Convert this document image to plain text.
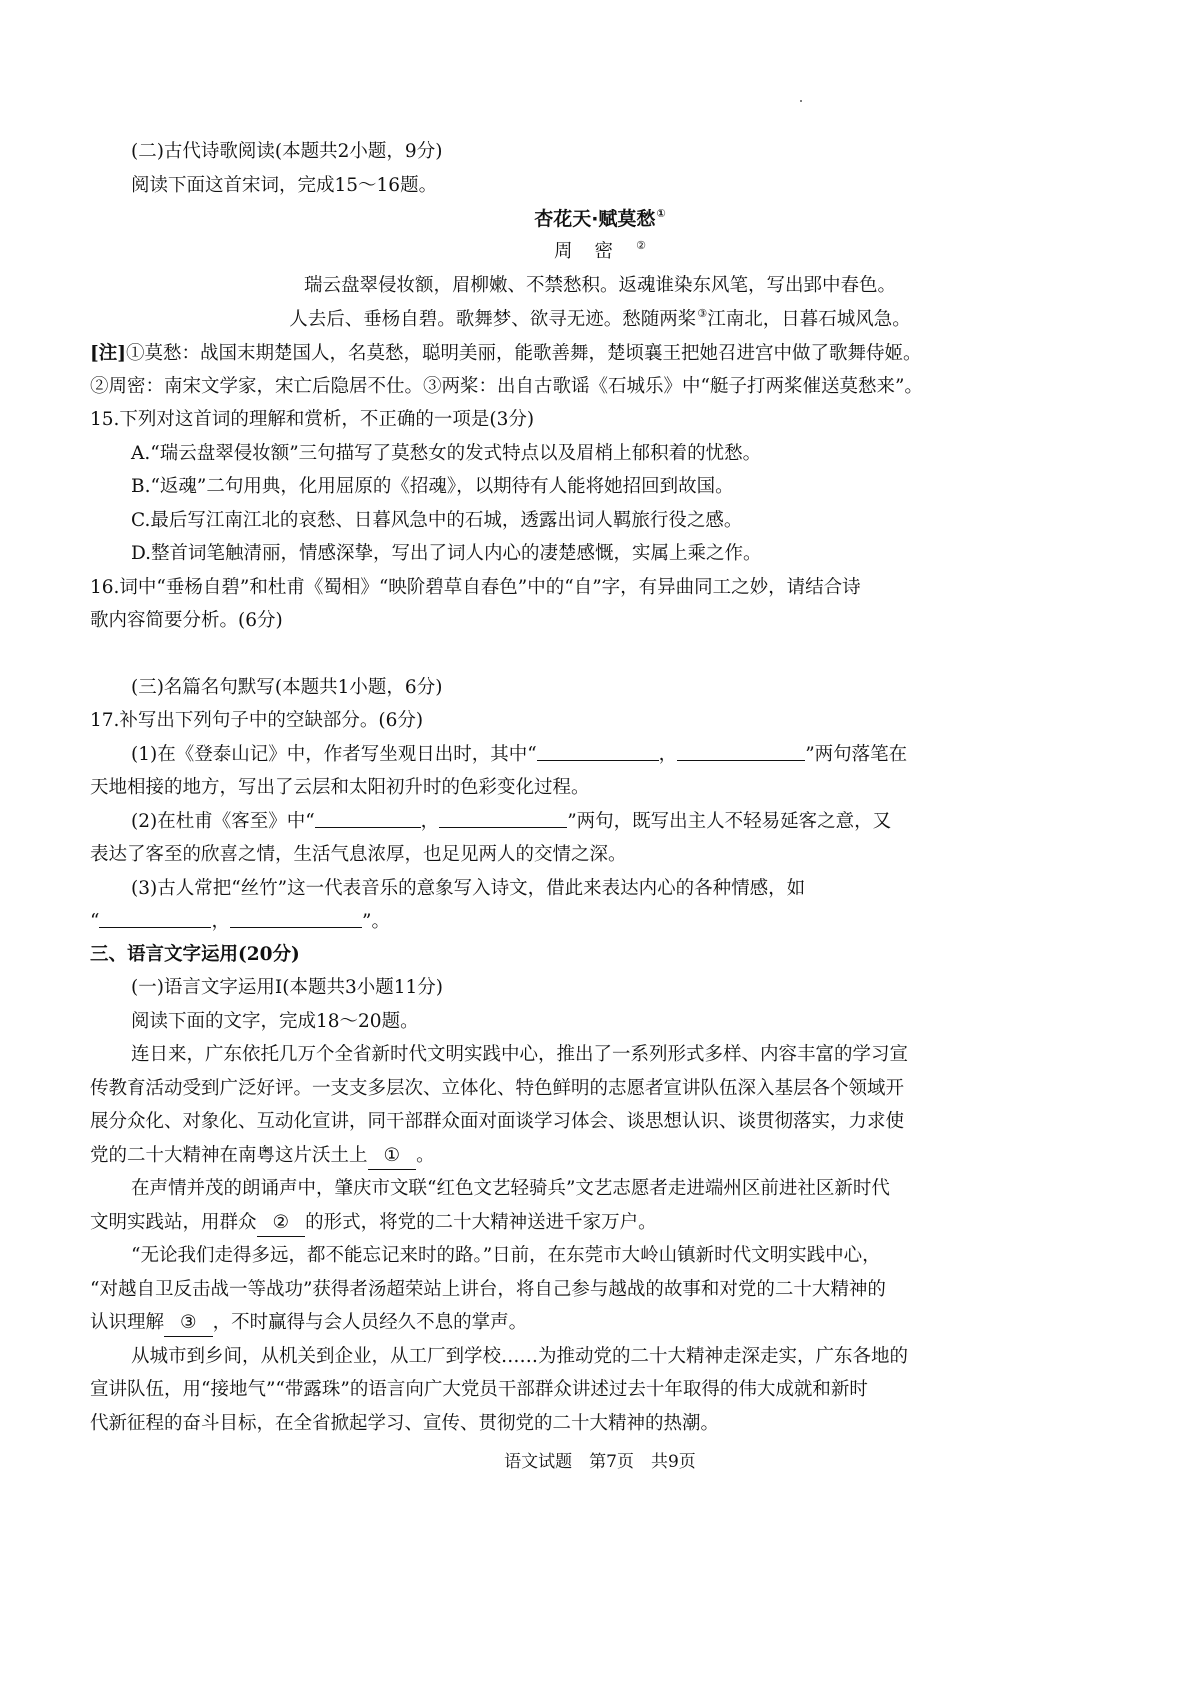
(二)古代诗歌阅读(本题共2小题，9分)
阅读下面这首宋词，完成15～16题。
杏花天·赋莫愁①
周密②
瑞云盘翠侵妆额，眉柳嫩、不禁愁积。返魂谁染东风笔，写出郢中春色。
人去后、垂杨自碧。歌舞梦、欲寻无迹。愁随两桨③江南北，日暮石城风急。
[注]①莫愁：战国末期楚国人，名莫愁，聪明美丽，能歌善舞，楚顷襄王把她召进宫中做了歌舞侍姬。
②周密：南宋文学家，宋亡后隐居不仕。③两桨：出自古歌谣《石城乐》中“艇子打两桨催送莫愁来”。
15.下列对这首词的理解和赏析，不正确的一项是(3分)
A.“瑞云盘翠侵妆额”三句描写了莫愁女的发式特点以及眉梢上郁积着的忧愁。
B.“返魂”二句用典，化用屈原的《招魂》，以期待有人能将她招回到故国。
C.最后写江南江北的哀愁、日暮风急中的石城，透露出词人羁旅行役之感。
D.整首词笔触清丽，情感深挚，写出了词人内心的凄楚感慨，实属上乘之作。
16.词中“垂杨自碧”和杜甫《蜀相》“映阶碧草自春色”中的“自”字，有异曲同工之妙，请结合诗
歌内容简要分析。(6分)
(三)名篇名句默写(本题共1小题，6分)
17.补写出下列句子中的空缺部分。(6分)
(1)在《登泰山记》中，作者写坐观日出时，其中“	，	”两句落笔在
天地相接的地方，写出了云层和太阳初升时的色彩变化过程。
(2)在杜甫《客至》中“	，	”两句，既写出主人不轻易延客之意，又
表达了客至的欣喜之情，生活气息浓厚，也足见两人的交情之深。
(3)古人常把“丝竹”这一代表音乐的意象写入诗文，借此来表达内心的各种情感，如
“	，	”。
三、语言文字运用(20分)
(一)语言文字运用Ⅰ(本题共3小题11分)
阅读下面的文字，完成18～20题。
连日来，广东依托几万个全省新时代文明实践中心，推出了一系列形式多样、内容丰富的学习宣
传教育活动受到广泛好评。一支支多层次、立体化、特色鲜明的志愿者宣讲队伍深入基层各个领域开
展分众化、对象化、互动化宣讲，同干部群众面对面谈学习体会、谈思想认识、谈贯彻落实，力求使
党的二十大精神在南粤这片沃土上 ① 。
在声情并茂的朗诵声中，肇庆市文联“红色文艺轻骑兵”文艺志愿者走进端州区前进社区新时代
文明实践站，用群众 ② 的形式，将党的二十大精神送进千家万户。
“无论我们走得多远，都不能忘记来时的路。”日前，在东莞市大岭山镇新时代文明实践中心，
“对越自卫反击战一等战功”获得者汤超荣站上讲台，将自己参与越战的故事和对党的二十大精神的
认识理解 ③ ，不时赢得与会人员经久不息的掌声。
从城市到乡间，从机关到企业，从工厂到学校……为推动党的二十大精神走深走实，广东各地的
宣讲队伍，用“接地气”“带露珠”的语言向广大党员干部群众讲述过去十年取得的伟大成就和新时
代新征程的奋斗目标，在全省掀起学习、宣传、贯彻党的二十大精神的热潮。
语文试题　第7页　共9页
